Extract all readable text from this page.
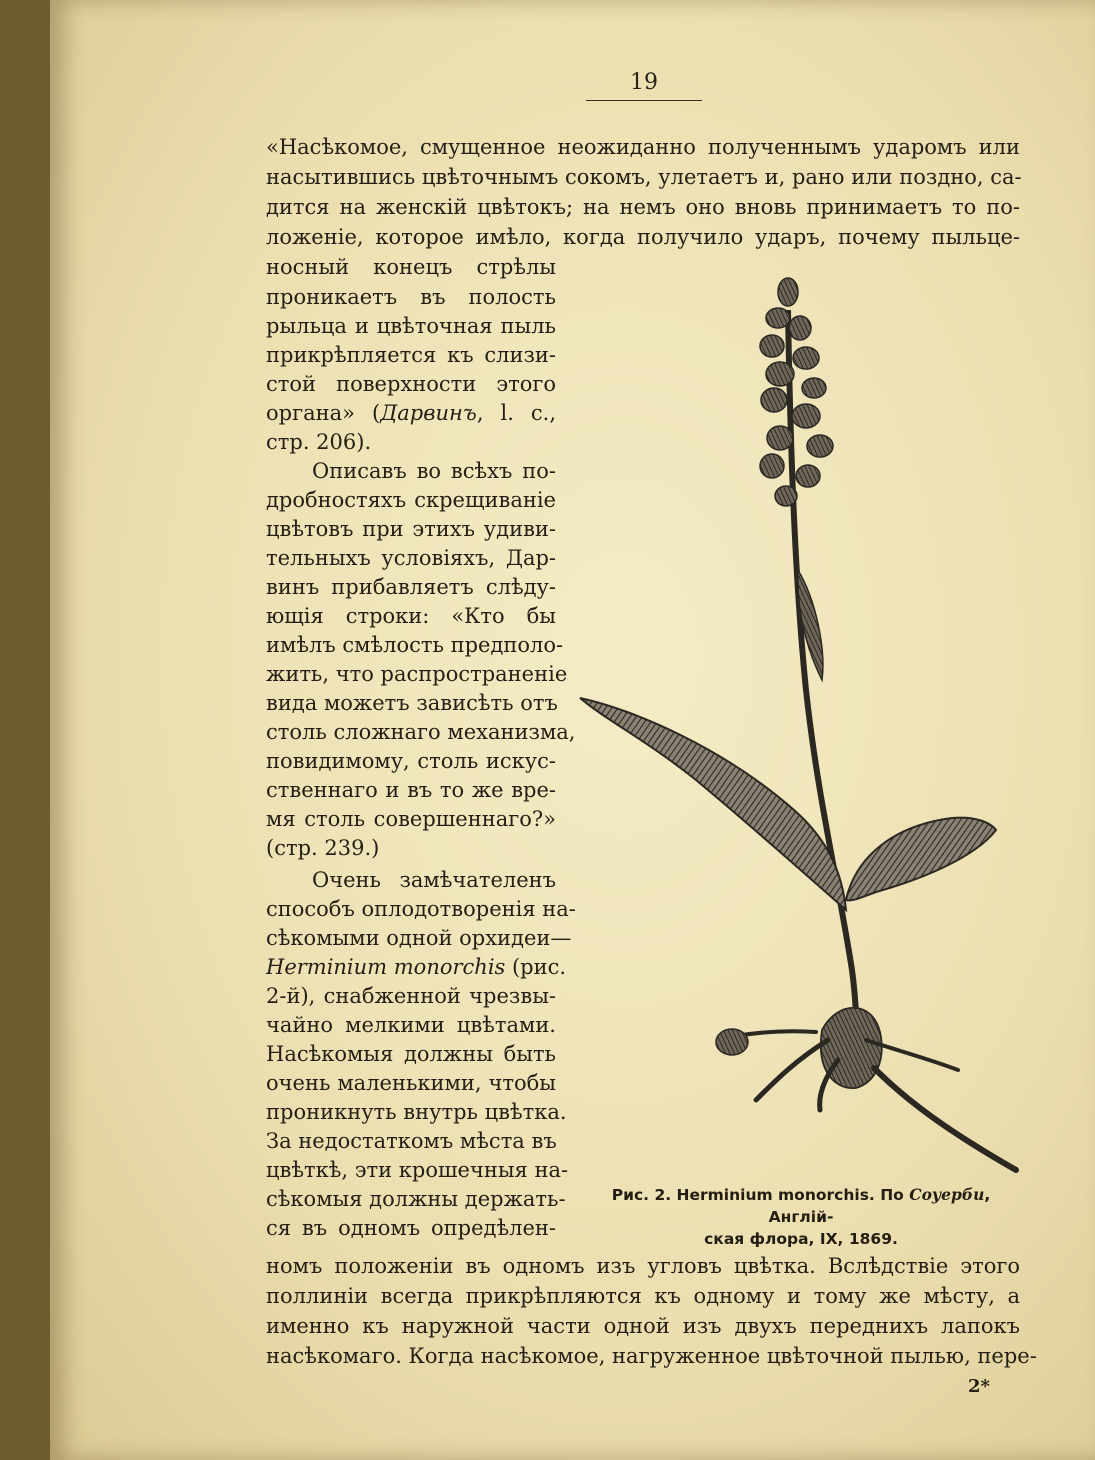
19
«Насѣкомое, смущенное неожиданно полученнымъ ударомъ или
насытившись цвѣточнымъ сокомъ, улетаетъ и, рано или поздно, са-
дится на женскій цвѣтокъ; на немъ оно вновь принимаетъ то по-
ложеніе, которое имѣло, когда получило ударъ, почему пыльце-
носный конецъ стрѣлы
проникаетъ въ полость
рыльца и цвѣточная пыль
прикрѣпляется къ слизи-
стой поверхности этого
органа» (Дарвинъ, l. c.,
стр. 206).
Описавъ во всѣхъ по-
дробностяхъ скрещиваніе
цвѣтовъ при этихъ удиви-
тельныхъ условіяхъ, Дар-
винъ прибавляетъ слѣду-
ющія строки: «Кто бы
имѣлъ смѣлость предполо-
жить, что распространеніе
вида можетъ зависѣть отъ
столь сложнаго механизма,
повидимому, столь искус-
ственнаго и въ то же вре-
мя столь совершеннаго?»
(стр. 239.)
Очень замѣчателенъ
способъ оплодотворенія на-
сѣкомыми одной орхидеи—
Herminium monorchis (рис.
2-й), снабженной чрезвы-
чайно мелкими цвѣтами.
Насѣкомыя должны быть
очень маленькими, чтобы
проникнуть внутрь цвѣтка.
За недостаткомъ мѣста въ
цвѣткѣ, эти крошечныя на-
сѣкомыя должны держать-
ся въ одномъ опредѣлен-
номъ положеніи въ одномъ изъ угловъ цвѣтка. Вслѣдствіе этого
поллиніи всегда прикрѣпляются къ одному и тому же мѣсту, а
именно къ наружной части одной изъ двухъ переднихъ лапокъ
насѣкомаго. Когда насѣкомое, нагруженное цвѣточной пылью, пере-
Рис. 2. Herminium monorchis. По Соуерби, Англій-
ская флора, IX, 1869.
2*
